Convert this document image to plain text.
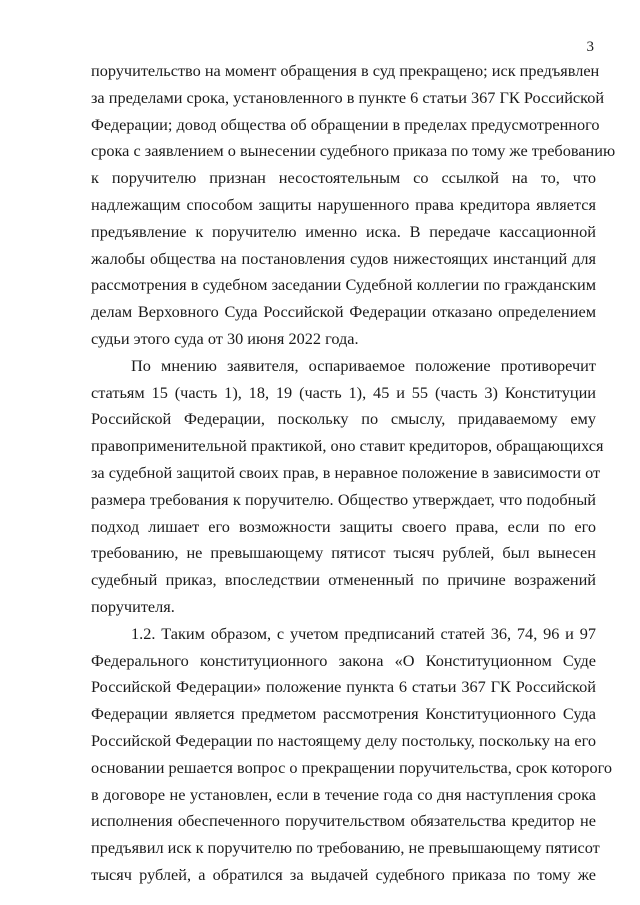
3
поручительство на момент обращения в суд прекращено; иск предъявлен
за пределами срока, установленного в пункте 6 статьи 367 ГК Российской
Федерации; довод общества об обращении в пределах предусмотренного
срока с заявлением о вынесении судебного приказа по тому же требованию
к поручителю признан несостоятельным со ссылкой на то, что
надлежащим способом защиты нарушенного права кредитора является
предъявление к поручителю именно иска. В передаче кассационной
жалобы общества на постановления судов нижестоящих инстанций для
рассмотрения в судебном заседании Судебной коллегии по гражданским
делам Верховного Суда Российской Федерации отказано определением
судьи этого суда от 30 июня 2022 года.
По мнению заявителя, оспариваемое положение противоречит
статьям 15 (часть 1), 18, 19 (часть 1), 45 и 55 (часть 3) Конституции
Российской Федерации, поскольку по смыслу, придаваемому ему
правоприменительной практикой, оно ставит кредиторов, обращающихся
за судебной защитой своих прав, в неравное положение в зависимости от
размера требования к поручителю. Общество утверждает, что подобный
подход лишает его возможности защиты своего права, если по его
требованию, не превышающему пятисот тысяч рублей, был вынесен
судебный приказ, впоследствии отмененный по причине возражений
поручителя.
1.2. Таким образом, с учетом предписаний статей 36, 74, 96 и 97
Федерального конституционного закона «О Конституционном Суде
Российской Федерации» положение пункта 6 статьи 367 ГК Российской
Федерации является предметом рассмотрения Конституционного Суда
Российской Федерации по настоящему делу постольку, поскольку на его
основании решается вопрос о прекращении поручительства, срок которого
в договоре не установлен, если в течение года со дня наступления срока
исполнения обеспеченного поручительством обязательства кредитор не
предъявил иск к поручителю по требованию, не превышающему пятисот
тысяч рублей, а обратился за выдачей судебного приказа по тому же
